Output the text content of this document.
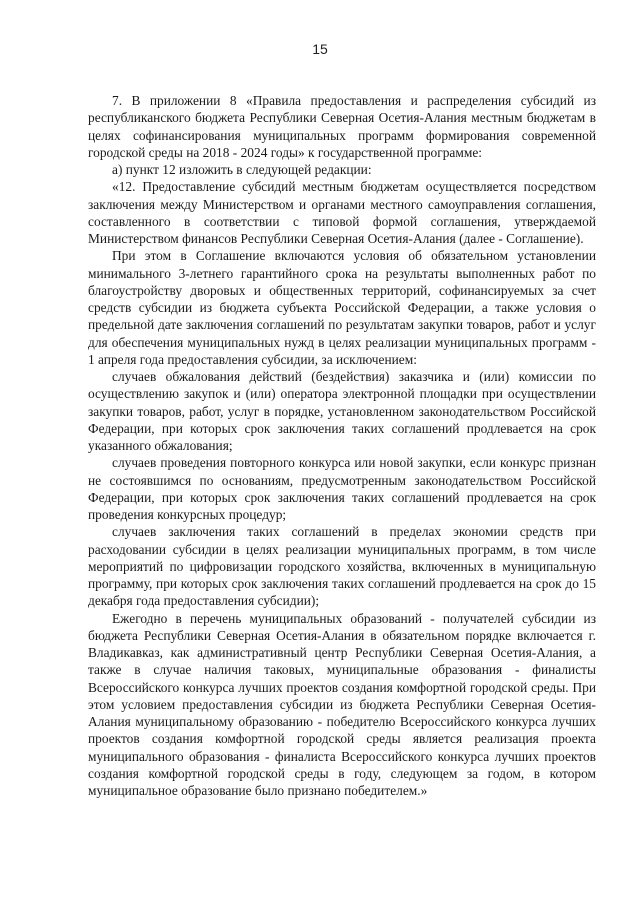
15

7. В приложении 8 «Правила предоставления и распределения субсидий из республиканского бюджета Республики Северная Осетия-Алания местным бюджетам в целях софинансирования муниципальных программ формирования современной городской среды на 2018 - 2024 годы» к государственной программе:

а) пункт 12 изложить в следующей редакции:

«12. Предоставление субсидий местным бюджетам осуществляется посредством заключения между Министерством и органами местного самоуправления соглашения, составленного в соответствии с типовой формой соглашения, утверждаемой Министерством финансов Республики Северная Осетия-Алания (далее - Соглашение).

При этом в Соглашение включаются условия об обязательном установлении минимального 3-летнего гарантийного срока на результаты выполненных работ по благоустройству дворовых и общественных территорий, софинансируемых за счет средств субсидии из бюджета субъекта Российской Федерации, а также условия о предельной дате заключения соглашений по результатам закупки товаров, работ и услуг для обеспечения муниципальных нужд в целях реализации муниципальных программ - 1 апреля года предоставления субсидии, за исключением:

случаев обжалования действий (бездействия) заказчика и (или) комиссии по осуществлению закупок и (или) оператора электронной площадки при осуществлении закупки товаров, работ, услуг в порядке, установленном законодательством Российской Федерации, при которых срок заключения таких соглашений продлевается на срок указанного обжалования;

случаев проведения повторного конкурса или новой закупки, если конкурс признан не состоявшимся по основаниям, предусмотренным законодательством Российской Федерации, при которых срок заключения таких соглашений продлевается на срок проведения конкурсных процедур;

случаев заключения таких соглашений в пределах экономии средств при расходовании субсидии в целях реализации муниципальных программ, в том числе мероприятий по цифровизации городского хозяйства, включенных в муниципальную программу, при которых срок заключения таких соглашений продлевается на срок до 15 декабря года предоставления субсидии);

Ежегодно в перечень муниципальных образований - получателей субсидии из бюджета Республики Северная Осетия-Алания в обязательном порядке включается г. Владикавказ, как административный центр Республики Северная Осетия-Алания, а также в случае наличия таковых, муниципальные образования - финалисты Всероссийского конкурса лучших проектов создания комфортной городской среды. При этом условием предоставления субсидии из бюджета Республики Северная Осетия-Алания муниципальному образованию - победителю Всероссийского конкурса лучших проектов создания комфортной городской среды является реализация проекта муниципального образования - финалиста Всероссийского конкурса лучших проектов создания комфортной городской среды в году, следующем за годом, в котором муниципальное образование было признано победителем.»
